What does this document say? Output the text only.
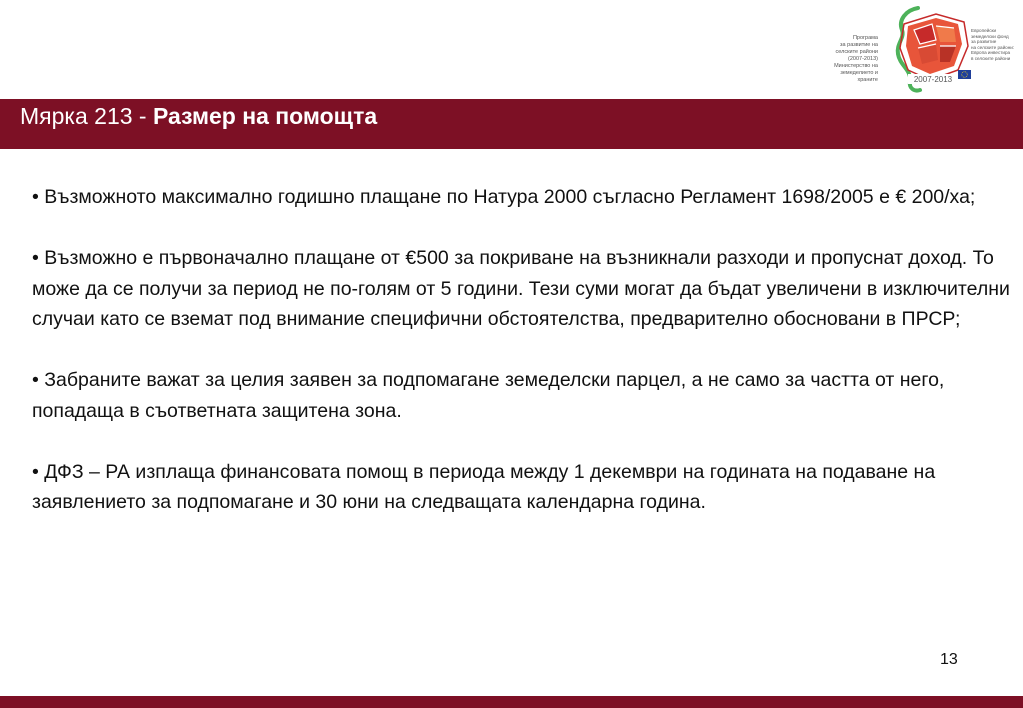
Програма
за развитие на
селските райони
(2007-2013)
Министерство на
земеделието и
храните	2007-2013
Европейски
земеделски фонд
за развитие
на селските райони:
Европа инвестира
в селските райони
Мярка 213 - Размер на помощта

• Възможното максимално годишно плащане по Натура 2000 съгласно Регламент 1698/2005 е € 200/ха;

• Възможно е първоначално плащане от €500 за покриване на възникнали разходи и пропуснат доход. То може да се получи за период не по-голям от 5 години. Тези суми могат да бъдат увеличени в изключителни случаи като се вземат под внимание специфични обстоятелства, предварително обосновани в ПРСР;

• Забраните важат за целия заявен за подпомагане земеделски парцел, а не само за частта от него, попадаща в съответната защитена зона.

• ДФЗ – РА изплаща финансовата помощ в периода между 1 декември на годината на подаване на заявлението за подпомагане и 30 юни на следващата календарна година.

13
